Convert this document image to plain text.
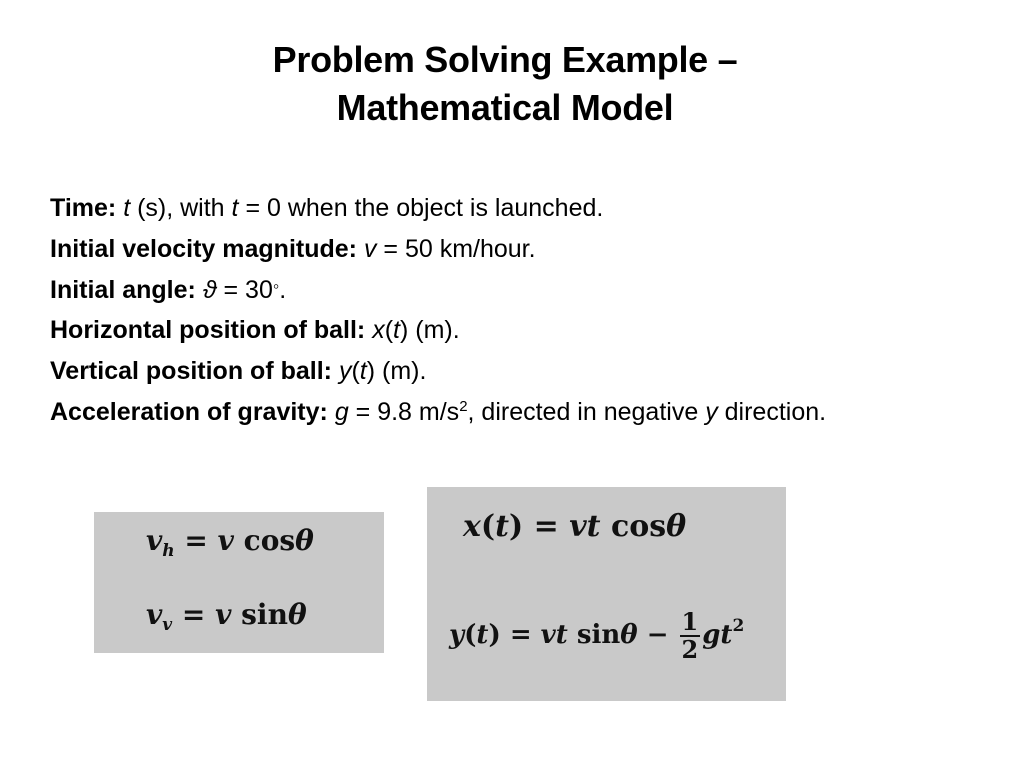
Problem Solving Example –
Mathematical Model
Time: t (s), with t = 0 when the object is launched.
Initial velocity magnitude: v = 50 km/hour.
Initial angle: ϑ = 30◦.
Horizontal position of ball: x(t) (m).
Vertical position of ball: y(t) (m).
Acceleration of gravity: g = 9.8 $m/s^2$, directed in negative y direction.
$v_h = v$ cosθ
$v_v = v$ sinθ
x(t) = vt cosθ
y(t) = vt $\sin\theta - \frac{1}{2} gt^2$
